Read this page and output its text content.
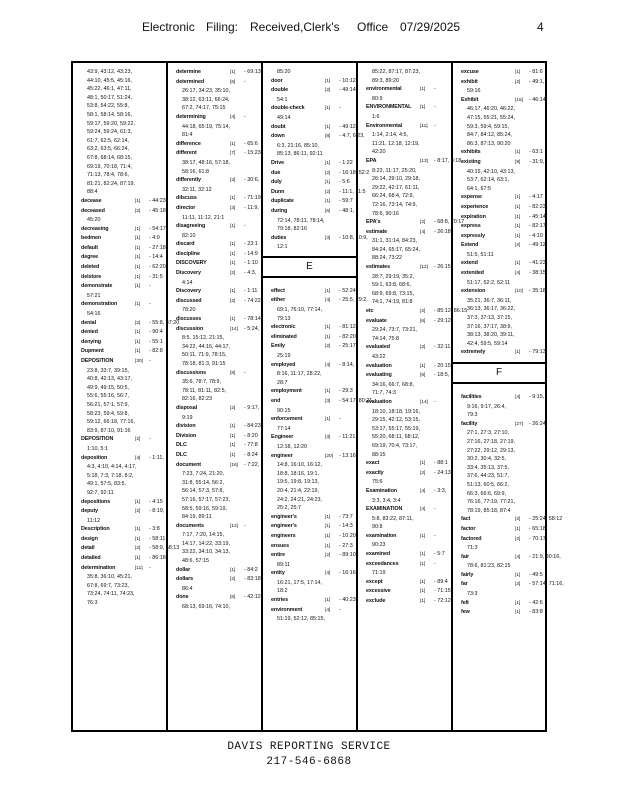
Electronic Filing: Received,Clerk's Office 07/29/2025	4
43:9, 43:12, 43:23,
44:10, 45:5, 45:16,
45:22, 46:1, 47:11,
48:1, 50:17, 51:24,
53:8, 54:22, 55:8,
58:1, 58:14, 58:16,
59:17, 59:20, 59:22,
59:24, 59:24, 61:3,
61:7, 62:5, 62:14,
63:2, 63:5, 66:24,
67:8, 68:14, 68:15,
69:19, 70:18, 71:4,
71:13, 78:4, 78:6,
81:21, 82:24, 87:19,
88:4
decease	[1] - 44:23
deceased	[2] - 45:18,
45:20
decreasing	[1] - 54:17
bedmen	[1] - 4:9
default	[1] - 27:18
degree	[1] - 14:4
deleted	[1] - 62:20
delstore	[1] - 31:5
demonstrate	[1] -
57:21
demonstration	[1] -
54:16
denial	[2] - 55:8, 87:20
denied	[1] - 90:4
denying	[1] - 55:1
Dupment	[1] - 82:8
DEPOSITION	[30] -
23:8, 33:7, 39:15,
40:8, 42:13, 43:17,
49:9, 49:15, 50:5,
55:6, 55:16, 56:7,
56:21, 57:1, 57:9,
58:23, 59:4, 59:8,
59:12, 66:18, 77:16,
83:9, 87:10, 91:16
DEPOSITION	[2] -
1:10, 5:1
deposition	[4] - 1:11,
4:3, 4:10, 4:14, 4:17,
5:18, 7:3, 7:18, 8:2,
49:1, 57:5, 83:5,
92:7, 92:11
depositions	[1] - 4:15
deputy	[2] - 8:19,
11:12
Description	[1] - 3:8
design	[1] - 58:11
detail	[2] - 58:9, 58:13
detailed	[1] - 86:18
determination	[11] -
35:8, 36:10, 45:21,
67:8, 69:7, 73:23,
73:24, 74:11, 74:23,
76:3
determine	[1] - 69:13
determined	[6] -
26:17, 34:23, 35:10,
38:12, 63:11, 66:24,
67:2, 74:17, 75:15
determining	[4] -
44:18, 65:19, 75:14,
81:4
difference	[1] - 65:6
different	[7] - 15:23,
38:17, 48:16, 57:18,
58:16, 61:8
differently	[3] - 30:6,
32:11, 32:12
dilscuss	[1] - 71:19
director	[3] - 11:9,
11:11, 11:12, 21:1
disagreeing	[1] -
82:10
discard	[1] - 23:1
discipline	[1] - 14:9
DISCOVERY	[1] - 1:10
Discovery	[2] - 4:3,
4:14
Discovery	[1] - 1:11
discussed	[2] - 74:22,
78:20
discusses	[1] - 78:14
discussion	[14] - 5:24,
8:5, 15:12, 21:15,
34:22, 44:16, 44:17,
50:11, 71:9, 78:15,
78:18, 81:3, 91:15
discussions	[8] -
35:6, 78:7, 78:9,
78:11, 81:11, 82:5,
82:16, 82:23
disposal	[2] - 9:17,
9:19
division	[1] - 84:23
Division	[1] - 8:20
DLC	[1] - 77:8
DLC	[1] - 8:24
document	[16] - 7:22,
7:23, 7:24, 21:20,
31:8, 55:14, 56:2,
56:14, 57:3, 57:8,
57:16, 57:17, 57:23,
58:5, 59:16, 59:19,
84:19, 89:11
documents	[12] -
7:17, 7:20, 14:15,
14:17, 14:22, 33:19,
33:22, 34:10, 34:13,
48:6, 57:15
dollar	[1] - 84:2
dollars	[2] - 83:18,
86:4
done	[6] - 42:12,
68:13, 69:16, 74:10,
85:20
door	[1] - 10:12
double	[2] - 49:14,
54:1
double-check	[1] -
49:14
doubt	[1] - 49:12
down	[8] - 4:7, 6:23,
6:3, 21:16, 85:10,
85:13, 86:11, 92:11
Drive	[1] - 1:22
due	[2] - 16:18, 52:2
duly	[1] - 5:6
Dunn	[2] - 11:1, 11:5
duplicate	[1] - 59:7
during	[6] - 48:1,
72:14, 78:11, 78:14,
79:18, 82:16
duties	[3] - 10:8, 10:9,
12:1
E
effect	[1] - 52:24
either	[4] - 25:5, 29:2,
69:1, 76:10, 77:14,
79:13
electronic	[1] - 81:12
eliminated	[1] - 82:20
Emily	[2] - 25:17,
25:19
employed	[4] - 8:14,
8:16, 11:17, 28:22,
28:7
employment	[1] - 29:3
end	[3] - 54:17, 80:21,
90:15
enforcement	[1] -
77:14
Engineer	[3] - 11:21,
12:18, 12:20
engineer	[20] - 13:16,
14:8, 16:10, 16:12,
18:8, 18:16, 19:1,
19:5, 19:8, 19:13,
20:4, 21:4, 22:19,
24:2, 24:21, 24:23,
25:2, 25:7
engineer's	[1] - 73:7
engineer's	[1] - 14:3
engineers	[1] - 10:20
ensues	[1] - 27:3
entire	[2] - 89:10,
89:11
entity	[4] - 16:16,
16:21, 17:5, 17:14,
18:2
entries	[1] - 40:23
environment	[4] -
51:19, 52:12, 85:15,
85:22, 87:17, 87:23,
89:3, 89:20
environmental	[1] -
80:9
ENVIRONMENTAL [1] -
1:6
Environmental	[11] -
1:14, 2:14, 4:5,
11:21, 12:18, 12:19,
42:20
EPA	[13] - 8:17, 8:18,
8:23, 11:17, 25:20,
26:14, 29:10, 29:18,
29:22, 42:17, 61:11,
66:24, 68:4, 72:9,
72:16, 73:14, 74:9,
78:6, 90:16
EPA's	[2] - 68:8, 70:17
estimate	[4] - 26:18,
31:1, 31:14, 84:23,
84:24, 65:17, 65:24,
88:24, 73:22
estimates	[12] - 26:15,
28:7, 29:19, 35:2,
59:1, 63:8, 68:6,
68:9, 69:8, 73:15,
74:1, 74:19, 81:8
etc	[2] - 85:12, 86:15
evaluate	[6] - 29:12,
29:24, 73:7, 73:21,
74:14, 75:8
evaluated	[2] - 32:11,
43:22
evaluation	[1] - 20:15
evaluating	[6] - 18:5,
34:16, 66:7, 68:8,
71:7, 74:3
evaluation	[14] -
18:10, 18:18, 19:16,
29:15, 42:12, 53:15,
53:17, 55:17, 55:19,
55:20, 68:11, 68:12,
69:19, 70:4, 73:17,
88:15
exact	[1] - 88:1
exactly	[2] - 24:13,
75:6
Examination	[4] - 3:3,
3:3, 3:4, 3:4
EXAMINATION	[4] -
5:8, 83:22, 87:11,
90:8
examination	[1] -
90:23
examined	[1] - 5:7
exceedances	[1] -
71:19
except	[1] - 89:4
excessive	[1] - 71:15
exclude	[1] - 72:12
excuse	[1] - 81:6
exhibit	[2] - 49:1,
59:16
Exhibit	[15] - 46:14,
46:17, 46:20, 46:22,
47:15, 55:21, 55:24,
59:3, 59:4, 59:15,
84:7, 84:12, 85:24,
86:3, 87:13, 90:20
exhibits	[1] - 63:1
existing	[9] - 31:9,
40:15, 42:10, 43:13,
53:7, 62:14, 63:1,
64:1, 67:5
expense	[1] - 4:17
experience	[1] - 82:23
expiration	[1] - 45:14
express	[1] - 82:17
expressly	[1] - 4:10
Extend	[2] - 49:12,
51:5, 51:11
extend	[1] - 41:23
extended	[4] - 38:15,
51:17, 52:2, 52:11
extension	[10] - 35:18,
35:21, 36:7, 36:11,
36:13, 36:17, 36:22,
37:3, 37:13, 37:15,
37:16, 37:17, 38:9,
38:13, 38:20, 39:11,
42:4, 59:5, 59:14
extremely	[1] - 79:13
F
facilities	[4] - 9:15,
9:16, 9:17, 26:4,
79:3
facility	[27] - 26:24,
27:1, 27:3, 27:10,
27:16, 27:18, 27:19,
27:22, 29:12, 29:13,
30:2, 30:4, 32:5,
33:4, 35:13, 37:5,
37:6, 44:23, 51:7,
51:13, 60:5, 66:2,
66:3, 66:6, 69:9,
76:16, 77:19, 77:21,
78:19, 85:18, 87:4
fact	[2] - 25:24, 58:12
factor	[1] - 65:18
factored	[2] - 70:17,
71:3
fair	[4] - 21:9, 30:16,
78:6, 81:23, 82:15
fairly	[1] - 49:5
far	[3] - 57:14, 71:16,
73:3
felt	[1] - 42:6
few	[1] - 83:8
DAVIS REPORTING SERVICE
217-546-6868
